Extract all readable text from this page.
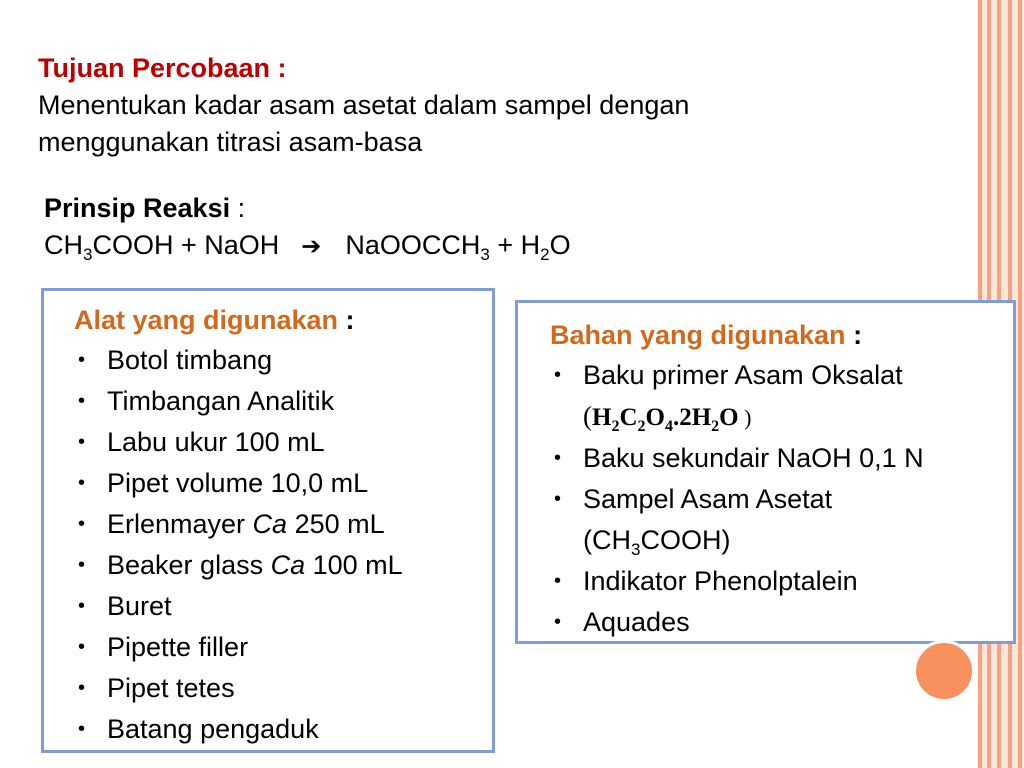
Tujuan Percobaan :
Menentukan kadar asam asetat dalam sampel dengan
menggunakan titrasi asam-basa
Prinsip Reaksi :
$CH_3COOH$ + NaOH ➔ NaOOCCH$_3$ + $H_2O$
Alat yang digunakan :
• Botol timbang
• Timbangan Analitik
• Labu ukur 100 mL
• Pipet volume 10,0 mL
• Erlenmayer Ca 250 mL
• Beaker glass Ca 100 mL
• Buret
• Pipette filler
• Pipet tetes
• Batang pengaduk
Bahan yang digunakan :
• Baku primer Asam Oksalat
($H_2C_2O_4.2H_2O$ )
• Baku sekundair NaOH 0,1 N
• Sampel Asam Asetat
$(CH_3COOH)$
• Indikator Phenolptalein
• Aquades
